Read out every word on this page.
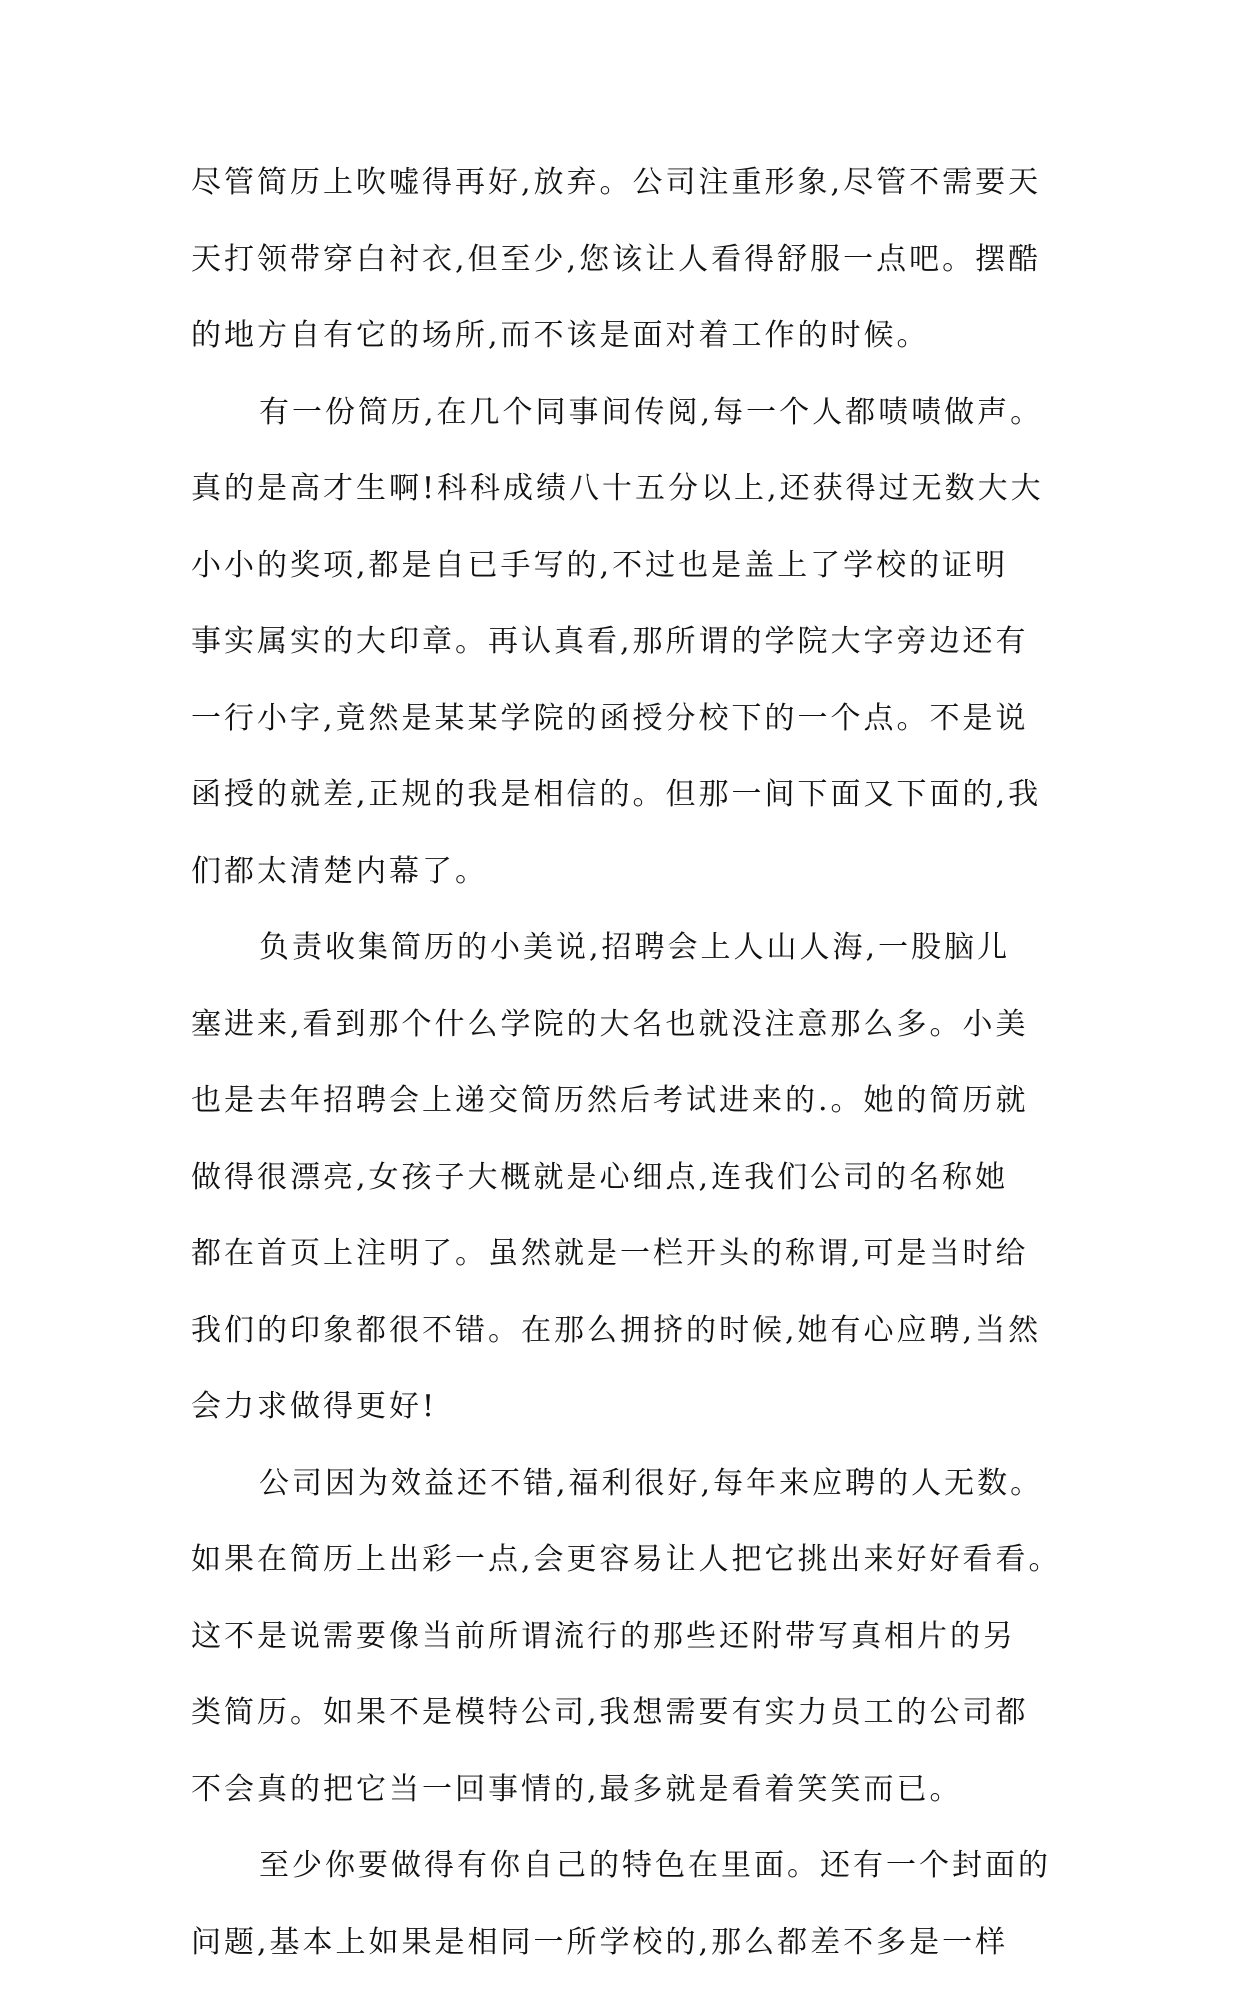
尽管简历上吹嘘得再好,放弃。公司注重形象,尽管不需要天
天打领带穿白衬衣,但至少,您该让人看得舒服一点吧。摆酷
的地方自有它的场所,而不该是面对着工作的时候。
有一份简历,在几个同事间传阅,每一个人都啧啧做声。
真的是高才生啊!科科成绩八十五分以上,还获得过无数大大
小小的奖项,都是自已手写的,不过也是盖上了学校的证明
事实属实的大印章。再认真看,那所谓的学院大字旁边还有
一行小字,竟然是某某学院的函授分校下的一个点。不是说
函授的就差,正规的我是相信的。但那一间下面又下面的,我
们都太清楚内幕了。
负责收集简历的小美说,招聘会上人山人海,一股脑儿
塞进来,看到那个什么学院的大名也就没注意那么多。小美
也是去年招聘会上递交简历然后考试进来的.。她的简历就
做得很漂亮,女孩子大概就是心细点,连我们公司的名称她
都在首页上注明了。虽然就是一栏开头的称谓,可是当时给
我们的印象都很不错。在那么拥挤的时候,她有心应聘,当然
会力求做得更好!
公司因为效益还不错,福利很好,每年来应聘的人无数。
如果在简历上出彩一点,会更容易让人把它挑出来好好看看。
这不是说需要像当前所谓流行的那些还附带写真相片的另
类简历。如果不是模特公司,我想需要有实力员工的公司都
不会真的把它当一回事情的,最多就是看着笑笑而已。
至少你要做得有你自己的特色在里面。还有一个封面的
问题,基本上如果是相同一所学校的,那么都差不多是一样
